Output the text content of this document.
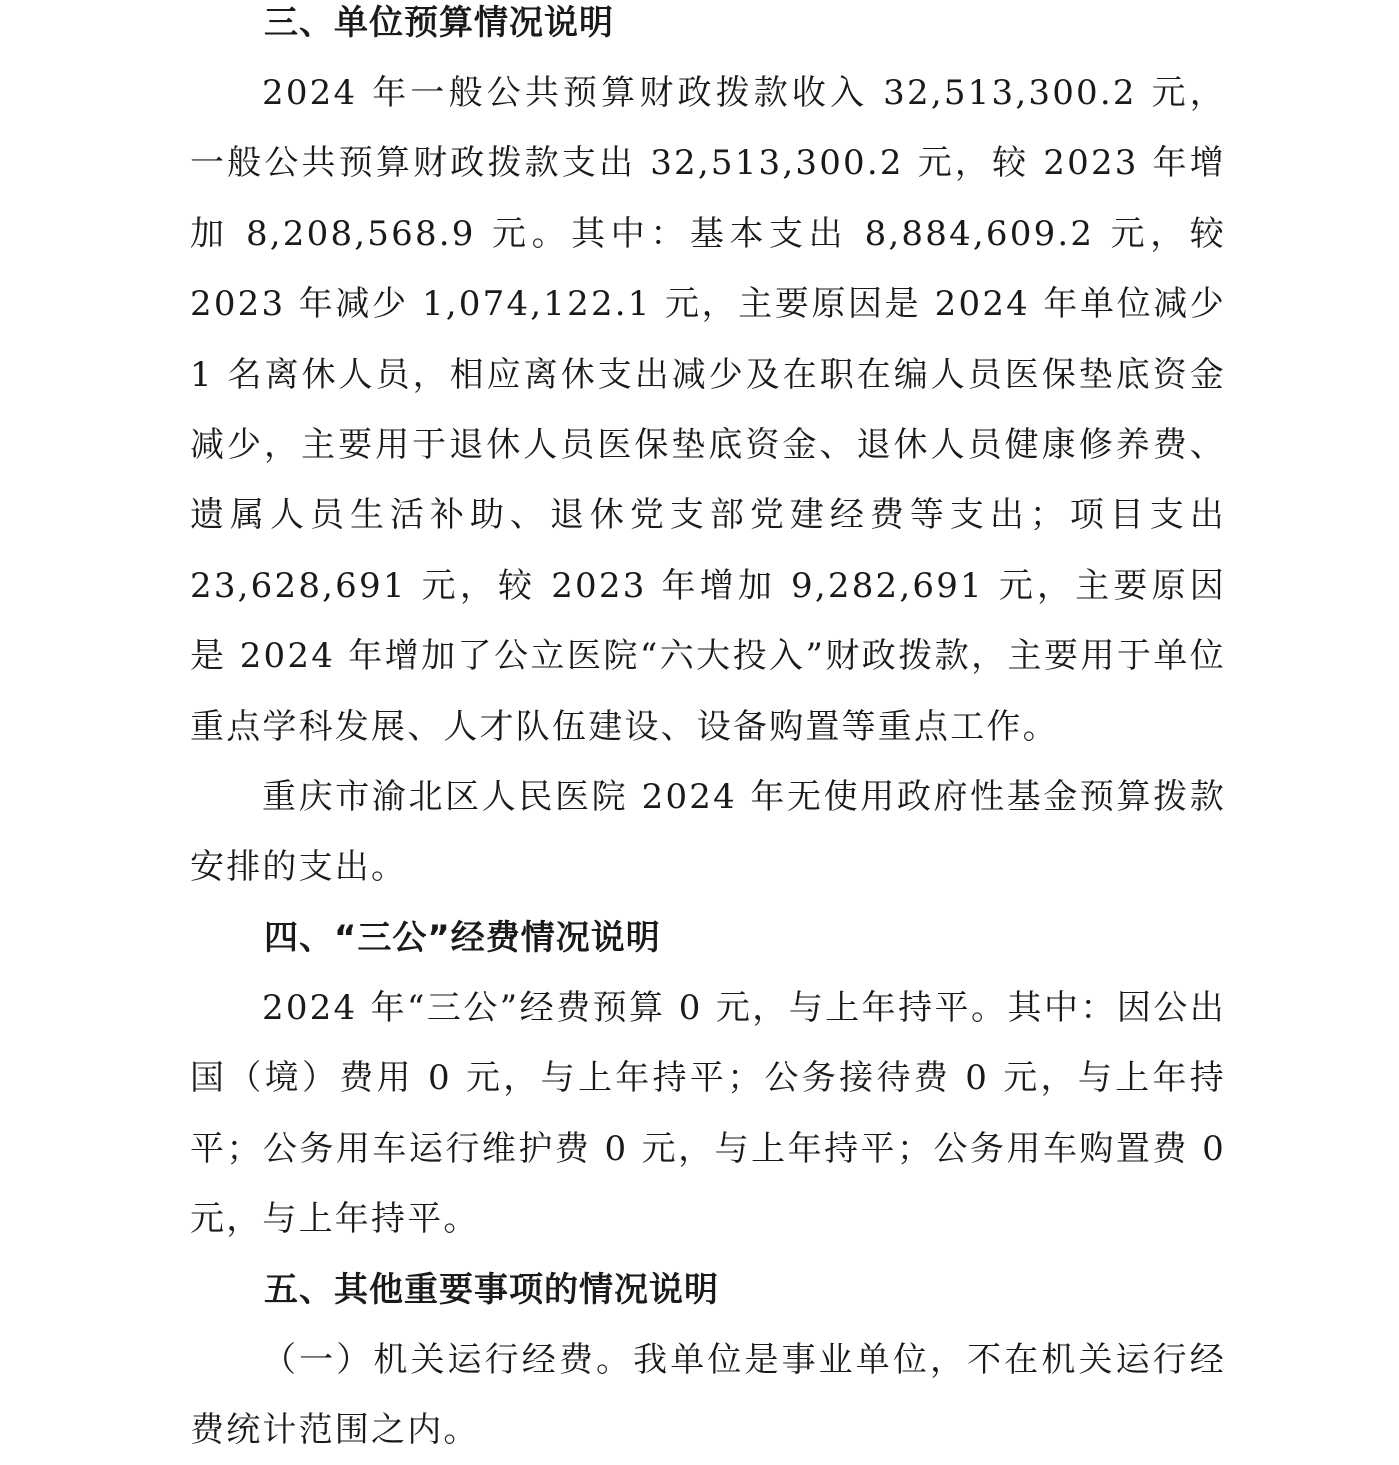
三、单位预算情况说明

2024 年一般公共预算财政拨款收入 32,513,300.2 元，一般公共预算财政拨款支出 32,513,300.2 元，较 2023 年增加 8,208,568.9 元。其中：基本支出 8,884,609.2 元，较 2023 年减少 1,074,122.1 元，主要原因是 2024 年单位减少 1 名离休人员，相应离休支出减少及在职在编人员医保垫底资金减少，主要用于退休人员医保垫底资金、退休人员健康修养费、遗属人员生活补助、退休党支部党建经费等支出；项目支出 23,628,691 元，较 2023 年增加 9,282,691 元，主要原因是 2024 年增加了公立医院“六大投入”财政拨款，主要用于单位重点学科发展、人才队伍建设、设备购置等重点工作。

重庆市渝北区人民医院 2024 年无使用政府性基金预算拨款安排的支出。

四、“三公”经费情况说明

2024 年“三公”经费预算 0 元，与上年持平。其中：因公出国（境）费用 0 元，与上年持平；公务接待费 0 元，与上年持平；公务用车运行维护费 0 元，与上年持平；公务用车购置费 0 元，与上年持平。

五、其他重要事项的情况说明

（一）机关运行经费。我单位是事业单位，不在机关运行经费统计范围之内。
